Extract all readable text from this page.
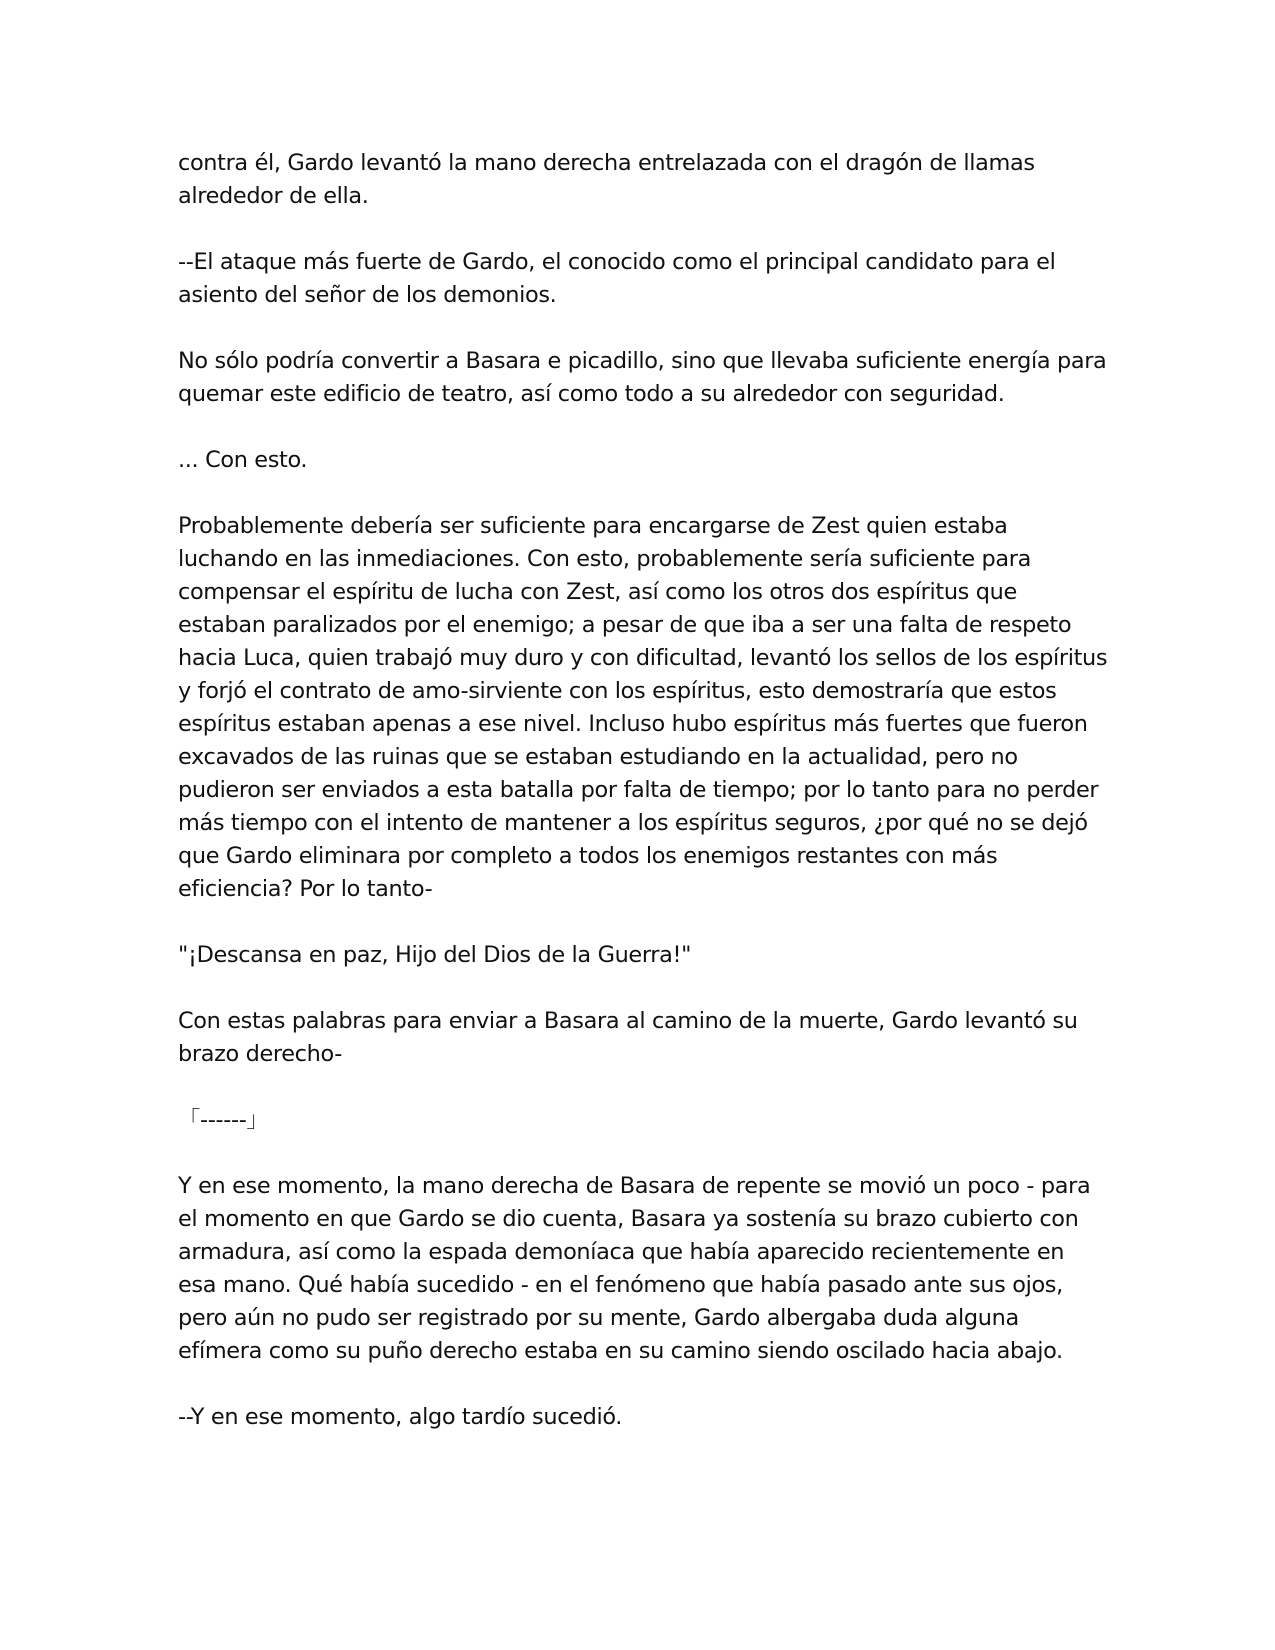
contra él, Gardo levantó la mano derecha entrelazada con el dragón de llamas alrededor de ella.

--El ataque más fuerte de Gardo, el conocido como el principal candidato para el asiento del señor de los demonios.

No sólo podría convertir a Basara e picadillo, sino que llevaba suficiente energía para quemar este edificio de teatro, así como todo a su alrededor con seguridad.

... Con esto.

Probablemente debería ser suficiente para encargarse de Zest quien estaba luchando en las inmediaciones. Con esto, probablemente sería suficiente para compensar el espíritu de lucha con Zest, así como los otros dos espíritus que estaban paralizados por el enemigo; a pesar de que iba a ser una falta de respeto hacia Luca, quien trabajó muy duro y con dificultad, levantó los sellos de los espíritus y forjó el contrato de amo-sirviente con los espíritus, esto demostraría que estos espíritus estaban apenas a ese nivel. Incluso hubo espíritus más fuertes que fueron excavados de las ruinas que se estaban estudiando en la actualidad, pero no pudieron ser enviados a esta batalla por falta de tiempo; por lo tanto para no perder más tiempo con el intento de mantener a los espíritus seguros, ¿por qué no se dejó que Gardo eliminara por completo a todos los enemigos restantes con más eficiencia? Por lo tanto-

"¡Descansa en paz, Hijo del Dios de la Guerra!"

Con estas palabras para enviar a Basara al camino de la muerte, Gardo levantó su brazo derecho-

「------」

Y en ese momento, la mano derecha de Basara de repente se movió un poco - para el momento en que Gardo se dio cuenta, Basara ya sostenía su brazo cubierto con armadura, así como la espada demoníaca que había aparecido recientemente en esa mano. Qué había sucedido - en el fenómeno que había pasado ante sus ojos, pero aún no pudo ser registrado por su mente, Gardo albergaba duda alguna efímera como su puño derecho estaba en su camino siendo oscilado hacia abajo.

--Y en ese momento, algo tardío sucedió.
